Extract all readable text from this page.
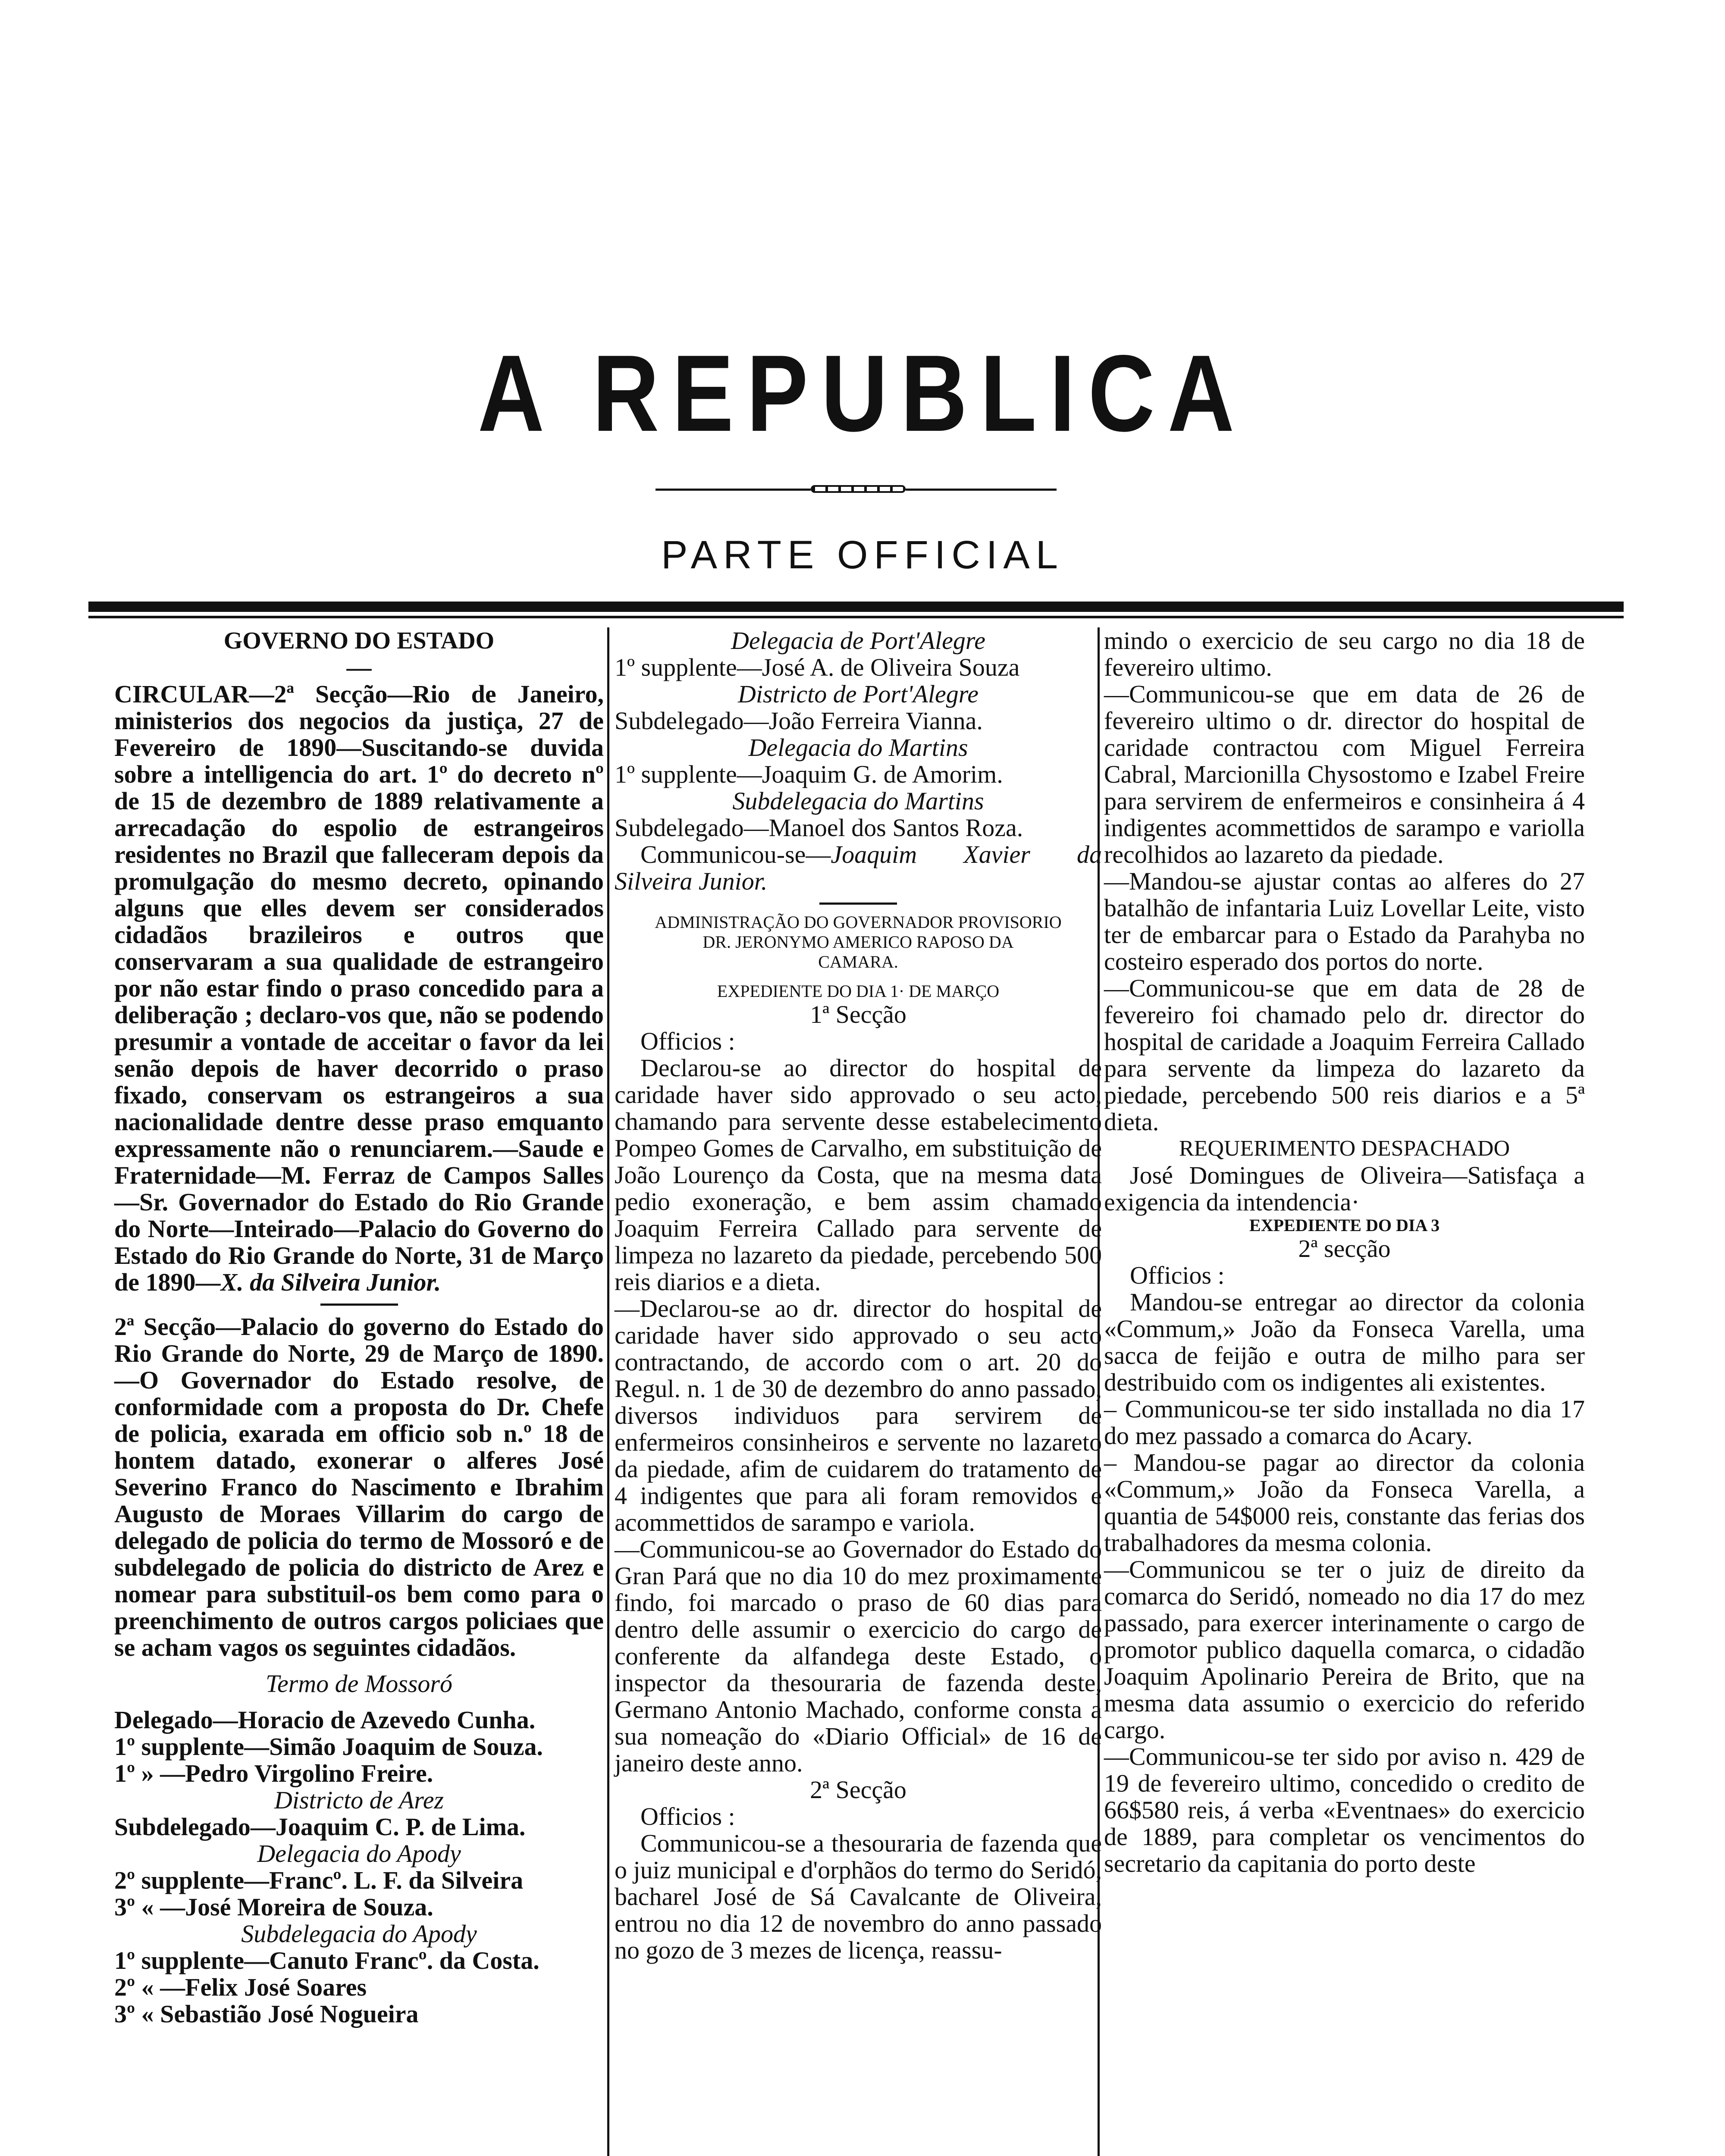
A REPUBLICA
PARTE OFFICIAL

GOVERNO DO ESTADO

—

CIRCULAR—2ª Secção—Rio de Janeiro, ministerios dos negocios da justiça, 27 de Fevereiro de 1890—Suscitando-se duvida sobre a intelligencia do art. 1º do decreto nº de 15 de dezembro de 1889 relativamente a arrecadação do espolio de estrangeiros residentes no Brazil que falleceram depois da promulgação do mesmo decreto, opinando alguns que elles devem ser considerados cidadãos brazileiros e outros que conservaram a sua qualidade de estrangeiro por não estar findo o praso concedido para a deliberação ; declaro-vos que, não se podendo presumir a vontade de acceitar o favor da lei senão depois de haver decorrido o praso fixado, conservam os estrangeiros a sua nacionalidade dentre desse praso emquanto expressamente não o renunciarem.—Saude e Fraternidade—M. Ferraz de Campos Salles—Sr. Governador do Estado do Rio Grande do Norte—Inteirado—Palacio do Governo do Estado do Rio Grande do Norte, 31 de Março de 1890—X. da Silveira Junior.

2ª Secção—Palacio do governo do Estado do Rio Grande do Norte, 29 de Março de 1890.—O Governador do Estado resolve, de conformidade com a proposta do Dr. Chefe de policia, exarada em officio sob n.º 18 de hontem datado, exonerar o alferes José Severino Franco do Nascimento e Ibrahim Augusto de Moraes Villarim do cargo de delegado de policia do termo de Mossoró e de subdelegado de policia do districto de Arez e nomear para substituil-os bem como para o preenchimento de outros cargos policiaes que se acham vagos os seguintes cidadãos.

Termo de Mossoró

Delegado—Horacio de Azevedo Cunha.

1º supplente—Simão Joaquim de Souza.

1º » —Pedro Virgolino Freire.

Districto de Arez

Subdelegado—Joaquim C. P. de Lima.

Delegacia do Apody

2º supplente—Francº. L. F. da Silveira

3º « —José Moreira de Souza.

Subdelegacia do Apody

1º supplente—Canuto Francº. da Costa.

2º « —Felix José Soares

3º « Sebastião José Nogueira

Delegacia de Port'Alegre

1º supplente—José A. de Oliveira Souza

Districto de Port'Alegre

Subdelegado—João Ferreira Vianna.

Delegacia do Martins

1º supplente—Joaquim G. de Amorim.

Subdelegacia do Martins

Subdelegado—Manoel dos Santos Roza.

Communicou-se—Joaquim Xavier da Silveira Junior.

ADMINISTRAÇÃO DO GOVERNADOR PROVISORIO

DR. JERONYMO AMERICO RAPOSO DA

CAMARA.

EXPEDIENTE DO DIA 1· DE MARÇO

1ª Secção

Officios :

Declarou-se ao director do hospital de caridade haver sido approvado o seu acto, chamando para servente desse estabelecimento Pompeo Gomes de Carvalho, em substituição de João Lourenço da Costa, que na mesma data pedio exoneração, e bem assim chamado Joaquim Ferreira Callado para servente de limpeza no lazareto da piedade, percebendo 500 reis diarios e a dieta.

—Declarou-se ao dr. director do hospital de caridade haver sido approvado o seu acto contractando, de accordo com o art. 20 do Regul. n. 1 de 30 de dezembro do anno passado, diversos individuos para servirem de enfermeiros consinheiros e servente no lazareto da piedade, afim de cuidarem do tratamento de 4 indigentes que para ali foram removidos e acommettidos de sarampo e variola.

—Communicou-se ao Governador do Estado do Gran Pará que no dia 10 do mez proximamente findo, foi marcado o praso de 60 dias para dentro delle assumir o exercicio do cargo de conferente da alfandega deste Estado, o inspector da thesouraria de fazenda deste, Germano Antonio Machado, conforme consta a sua nomeação do «Diario Official» de 16 de janeiro deste anno.

2ª Secção

Officios :

Communicou-se a thesouraria de fazenda que o juiz municipal e d'orphãos do termo do Seridó, bacharel José de Sá Cavalcante de Oliveira, entrou no dia 12 de novembro do anno passado no gozo de 3 mezes de licença, reassu-

mindo o exercicio de seu cargo no dia 18 de fevereiro ultimo.

—Communicou-se que em data de 26 de fevereiro ultimo o dr. director do hospital de caridade contractou com Miguel Ferreira Cabral, Marcionilla Chysostomo e Izabel Freire para servirem de enfermeiros e consinheira á 4 indigentes acommettidos de sarampo e variolla recolhidos ao lazareto da piedade.

—Mandou-se ajustar contas ao alferes do 27 batalhão de infantaria Luiz Lovellar Leite, visto ter de embarcar para o Estado da Parahyba no costeiro esperado dos portos do norte.

—Communicou-se que em data de 28 de fevereiro foi chamado pelo dr. director do hospital de caridade a Joaquim Ferreira Callado para servente da limpeza do lazareto da piedade, percebendo 500 reis diarios e a 5ª dieta.

REQUERIMENTO DESPACHADO

José Domingues de Oliveira—Satisfaça a exigencia da intendencia·

EXPEDIENTE DO DIA 3

2ª secção

Officios :

Mandou-se entregar ao director da colonia «Commum,» João da Fonseca Varella, uma sacca de feijão e outra de milho para ser destribuido com os indigentes ali existentes.

– Communicou-se ter sido installada no dia 17 do mez passado a comarca do Acary.

– Mandou-se pagar ao director da colonia «Commum,» João da Fonseca Varella, a quantia de 54$000 reis, constante das ferias dos trabalhadores da mesma colonia.

—Communicou se ter o juiz de direito da comarca do Seridó, nomeado no dia 17 do mez passado, para exercer interinamente o cargo de promotor publico daquella comarca, o cidadão Joaquim Apolinario Pereira de Brito, que na mesma data assumio o exercicio do referido cargo.

—Communicou-se ter sido por aviso n. 429 de 19 de fevereiro ultimo, concedido o credito de 66$580 reis, á verba «Eventnaes» do exercicio de 1889, para completar os vencimentos do secretario da capitania do porto deste
